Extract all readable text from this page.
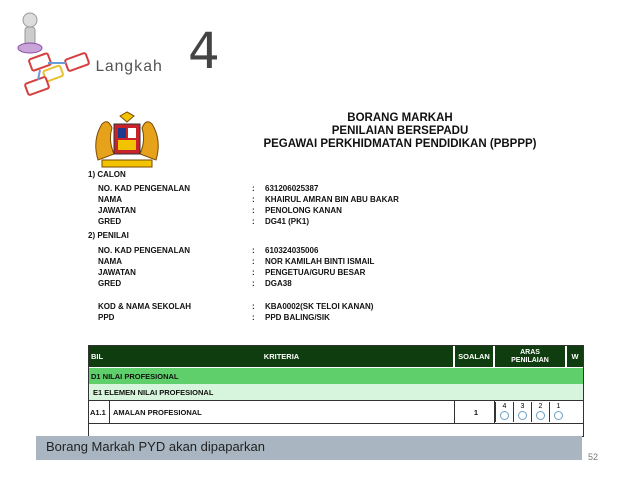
Langkah 4
BORANG MARKAH
PENILAIAN BERSEPADU
PEGAWAI PERKHIDMATAN PENDIDIKAN (PBPPP)
1) CALON
NO. KAD PENGENALAN	: 631206025387
NAMA	: KHAIRUL AMRAN BIN ABU BAKAR
JAWATAN	: PENOLONG KANAN
GRED	: DG41 (PK1)
2) PENILAI
NO. KAD PENGENALAN	: 610324035006
NAMA	: NOR KAMILAH BINTI ISMAIL
JAWATAN	: PENGETUA/GURU BESAR
GRED	: DGA38
KOD & NAMA SEKOLAH	: KBA0002(SK TELOI KANAN)
PPD	: PPD BALING/SIK
BIL	KRITERIA	SOALAN	ARAS PENILAIAN	W
D1 NILAI PROFESIONAL
E1 ELEMEN NILAI PROFESIONAL
A1.1 AMALAN PROFESIONAL	1
4	3	2	1

Borang Markah PYD akan dipaparkan
52
